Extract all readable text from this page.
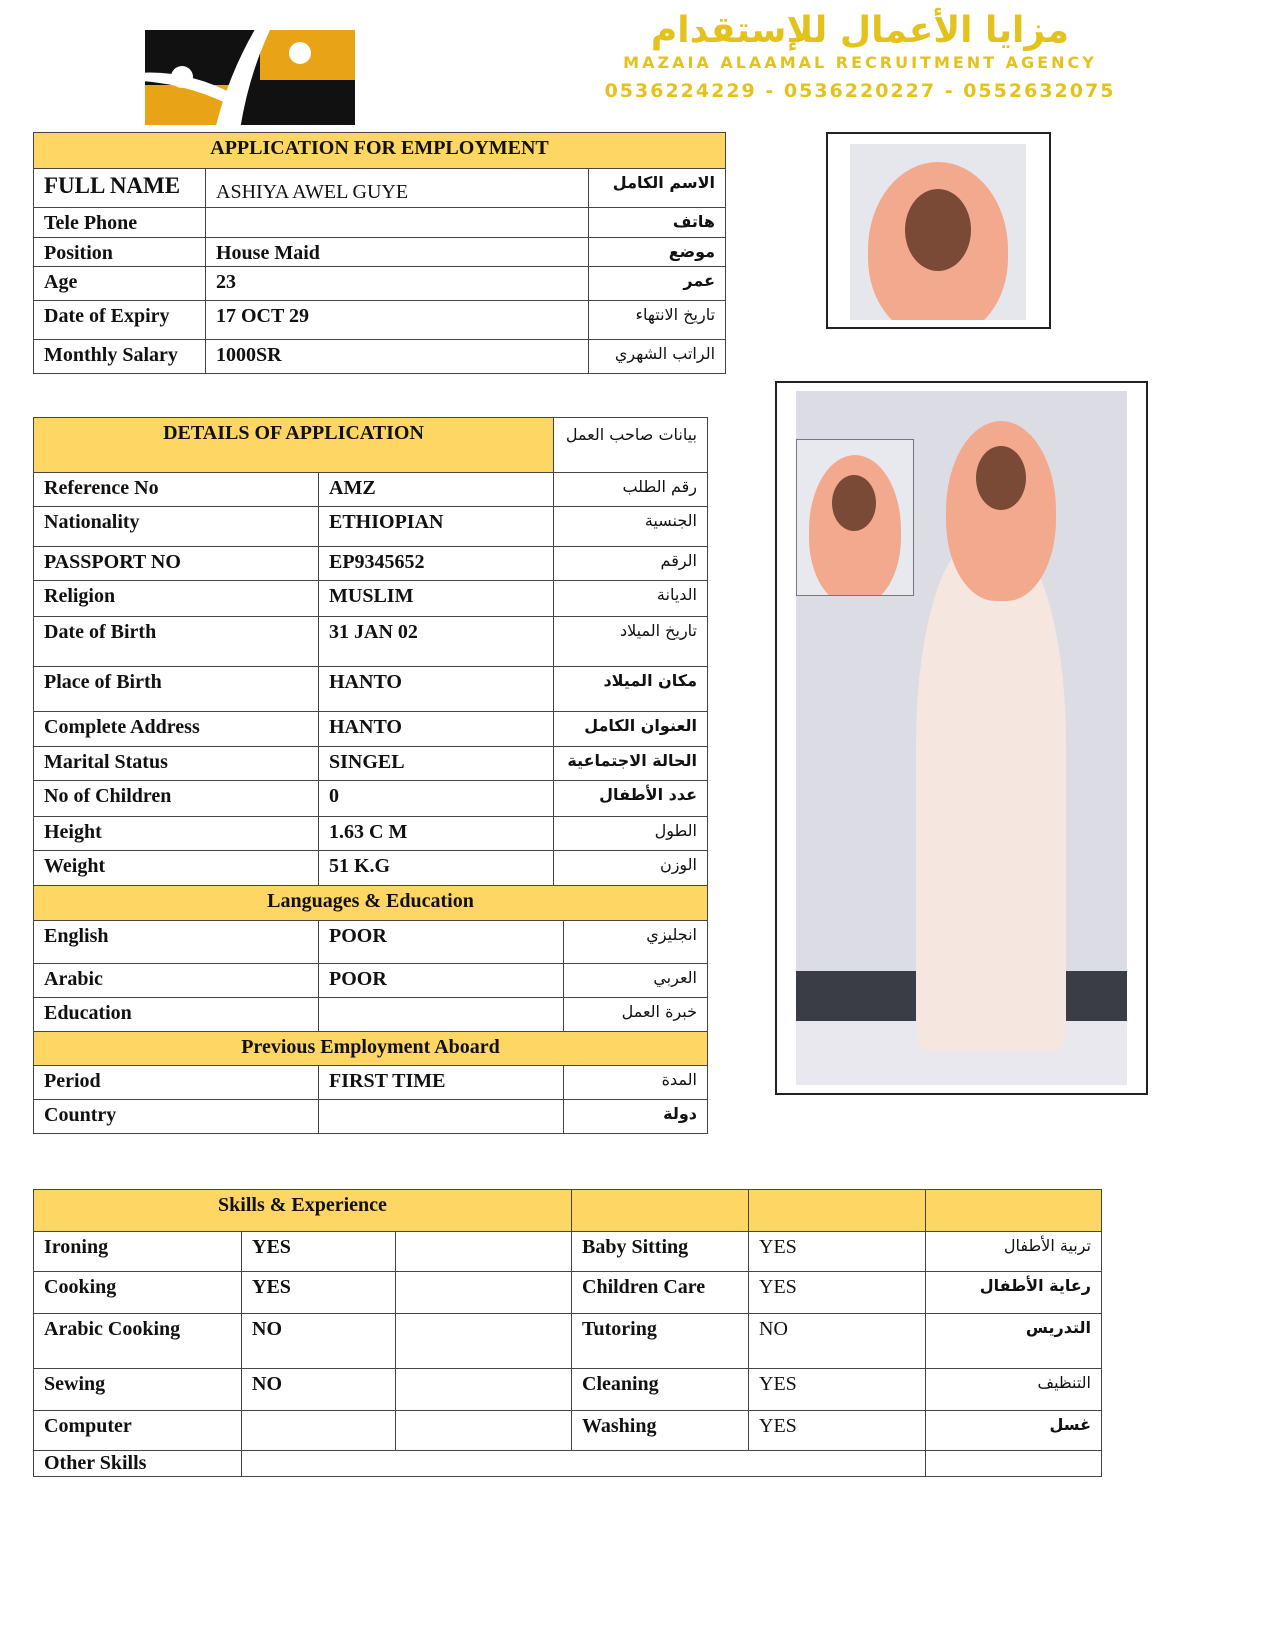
مزايا الأعمال للإستقدام
MAZAIA ALAAMAL RECRUITMENT AGENCY
0536224229 - 0536220227 - 0552632075
APPLICATION FOR EMPLOYMENT		
FULL NAME	ASHIYA AWEL GUYE	الاسم الكامل
Tele Phone		هاتف
Position	House Maid	موضع
Age	23	عمر
Date of Expiry	17 OCT 29	تاريخ الانتهاء
Monthly Salary	1000SR	الراتب الشهري
DETAILS OF APPLICATION		بيانات صاحب العمل	
Reference No	AMZ	رقم الطلب	
Nationality	ETHIOPIAN	الجنسية	
PASSPORT NO	EP9345652	الرقم	
Religion	MUSLIM	الديانة	
Date of Birth	31 JAN 02	تاريخ الميلاد	
Place of Birth	HANTO	مكان الميلاد	
Complete Address	HANTO	العنوان الكامل	
Marital Status	SINGEL	الحالة الاجتماعية	
No of Children	0	عدد الأطفال	
Height	1.63 C M	الطول	
Weight	51 K.G	الوزن	
Languages & Education			
English	POOR		انجليزي
Arabic	POOR		العربي
Education			خبرة العمل
Previous Employment Aboard			
Period	FIRST TIME		المدة
Country			دولة
Skills & Experience					
Ironing	YES		Baby Sitting	YES	تربية الأطفال
Cooking	YES		Children Care	YES	رعاية الأطفال
Arabic Cooking	NO		Tutoring	NO	التدريس
Sewing	NO		Cleaning	YES	التنظيف
Computer			Washing	YES	غسل
Other Skills					
